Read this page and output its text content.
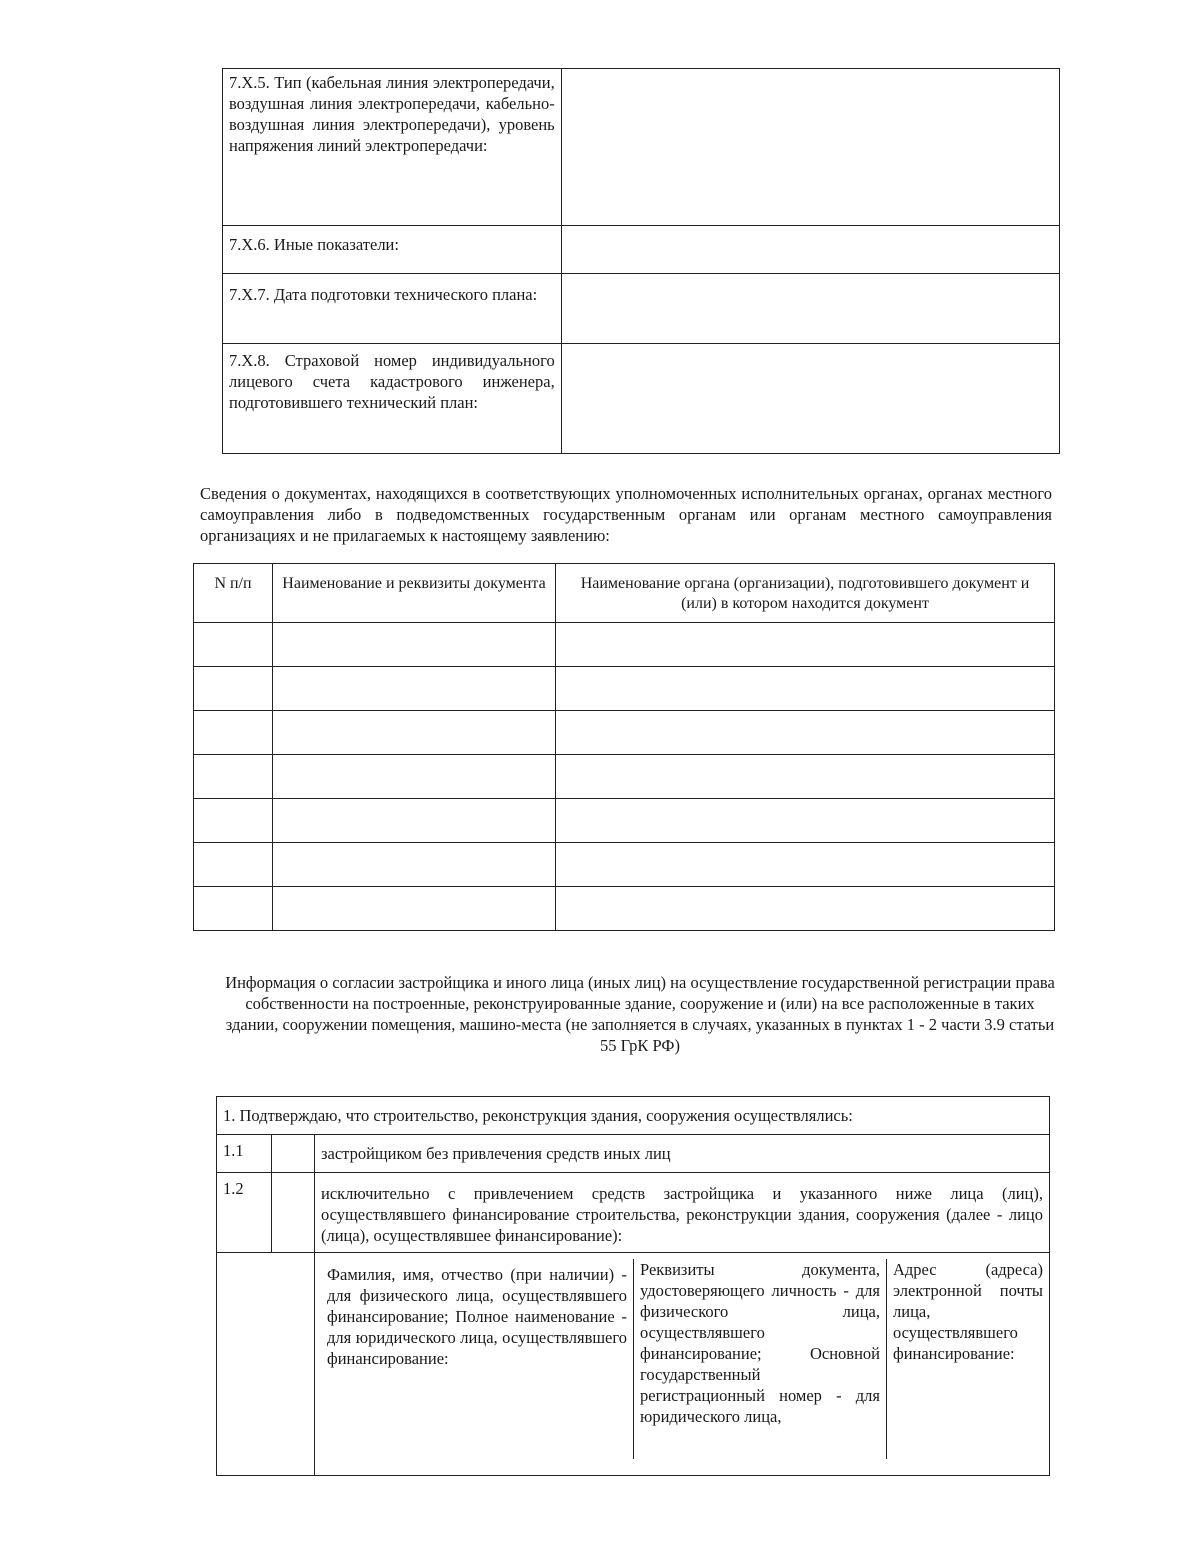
7.X.5. Тип (кабельная линия электропередачи, воздушная линия электропередачи, кабельно-воздушная линия электропередачи), уровень напряжения линий электропередачи:	
7.X.6. Иные показатели:	
7.X.7. Дата подготовки технического плана:	
7.X.8. Страховой номер индивидуального лицевого счета кадастрового инженера, подготовившего технический план:	
Сведения о документах, находящихся в соответствующих уполномоченных исполнительных органах, органах местного самоуправления либо в подведомственных государственным органам или органам местного самоуправления организациях и не прилагаемых к настоящему заявлению:
N п/п	Наименование и реквизиты документа	Наименование органа (организации), подготовившего документ и (или) в котором находится документ

Информация о согласии застройщика и иного лица (иных лиц) на осуществление государственной регистрации права собственности на построенные, реконструированные здание, сооружение и (или) на все расположенные в таких здании, сооружении помещения, машино-места (не заполняется в случаях, указанных в пунктах 1 - 2 части 3.9 статьи 55 ГрК РФ)
1. Подтверждаю, что строительство, реконструкция здания, сооружения осуществлялись:
1.1		застройщиком без привлечения средств иных лиц
1.2		исключительно с привлечением средств застройщика и указанного ниже лица (лиц), осуществлявшего финансирование строительства, реконструкции здания, сооружения (далее - лицо (лица), осуществлявшее финансирование):

Фамилия, имя, отчество (при наличии) - для физического лица, осуществлявшего финансирование; Полное наименование - для юридического лица, осуществлявшего финансирование:	Реквизиты документа, удостоверяющего личность - для физического лица, осуществлявшего финансирование; Основной государственный регистрационный номер - для юридического лица,	Адрес (адреса) электронной почты лица, осуществлявшего финансирование:
